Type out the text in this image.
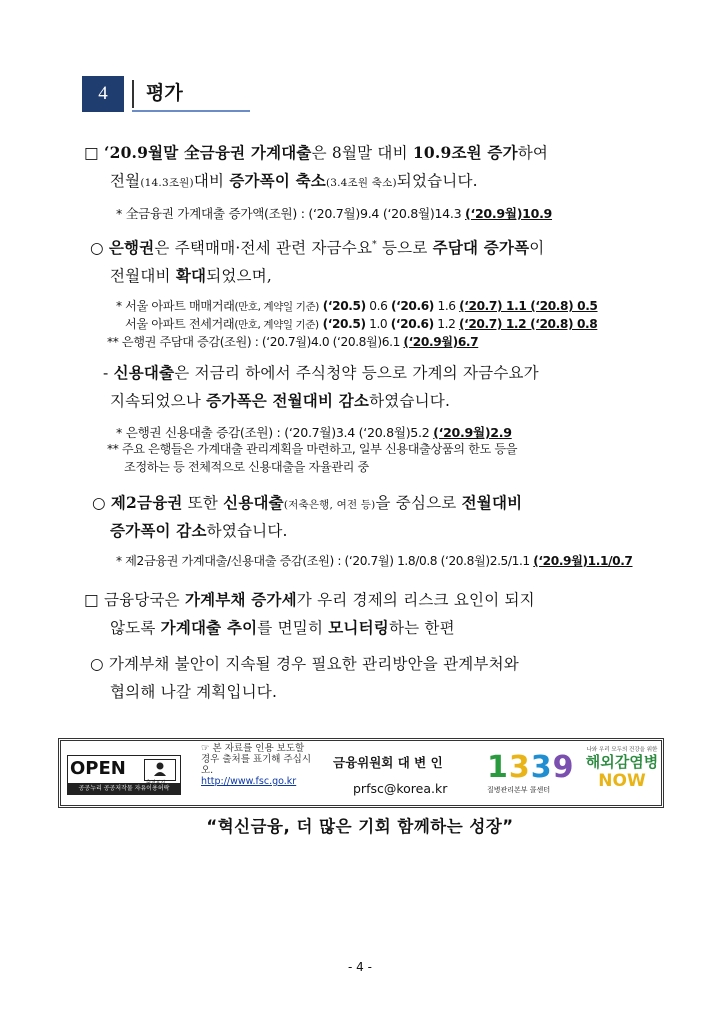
4	평가
□ ‘20.9월말 全금융권 가계대출은 8월말 대비 10.9조원 증가하여
전월(14.3조원)대비 증가폭이 축소(3.4조원 축소)되었습니다.
* 全금융권 가계대출 증가액(조원) : (‘20.7월)9.4 (‘20.8월)14.3 (‘20.9월)10.9
○ 은행권은 주택매매·전세 관련 자금수요* 등으로 주담대 증가폭이
전월대비 확대되었으며,
* 서울 아파트 매매거래(만호, 계약일 기준) (‘20.5) 0.6 (‘20.6) 1.6 (‘20.7) 1.1 (‘20.8) 0.5
서울 아파트 전세거래(만호, 계약일 기준) (‘20.5) 1.0 (‘20.6) 1.2 (‘20.7) 1.2 (‘20.8) 0.8
** 은행권 주담대 증감(조원) : (‘20.7월)4.0 (‘20.8월)6.1 (‘20.9월)6.7
- 신용대출은 저금리 하에서 주식청약 등으로 가계의 자금수요가
지속되었으나 증가폭은 전월대비 감소하였습니다.
* 은행권 신용대출 증감(조원) : (‘20.7월)3.4 (‘20.8월)5.2 (‘20.9월)2.9
** 주요 은행들은 가계대출 관리계획을 마련하고, 일부 신용대출상품의 한도 등을
조정하는 등 전체적으로 신용대출을 자율관리 중
○ 제2금융권 또한 신용대출(저축은행, 여전 등)을 중심으로 전월대비
증가폭이 감소하였습니다.
* 제2금융권 가계대출/신용대출 증감(조원) : (‘20.7월) 1.8/0.8 (‘20.8월)2.5/1.1 (‘20.9월)1.1/0.7
□ 금융당국은 가계부채 증가세가 우리 경제의 리스크 요인이 되지
않도록 가계대출 추이를 면밀히 모니터링하는 한편
○ 가계부채 불안이 지속될 경우 필요한 관리방안을 관계부처와
협의해 나갈 계획입니다.
OPEN
공공누리 공공저작물 자유이용허락
출처표시
☞ 본 자료를 인용 보도할 경우 출처를 표기해 주십시오.
http://www.fsc.go.kr
금융위원회 대 변 인
prfsc@korea.kr
1339
질병관리본부 콜센터
나와 우리 모두의 건강을 위한
해외감염병
NOW
“혁신금융, 더 많은 기회 함께하는 성장”
- 4 -
